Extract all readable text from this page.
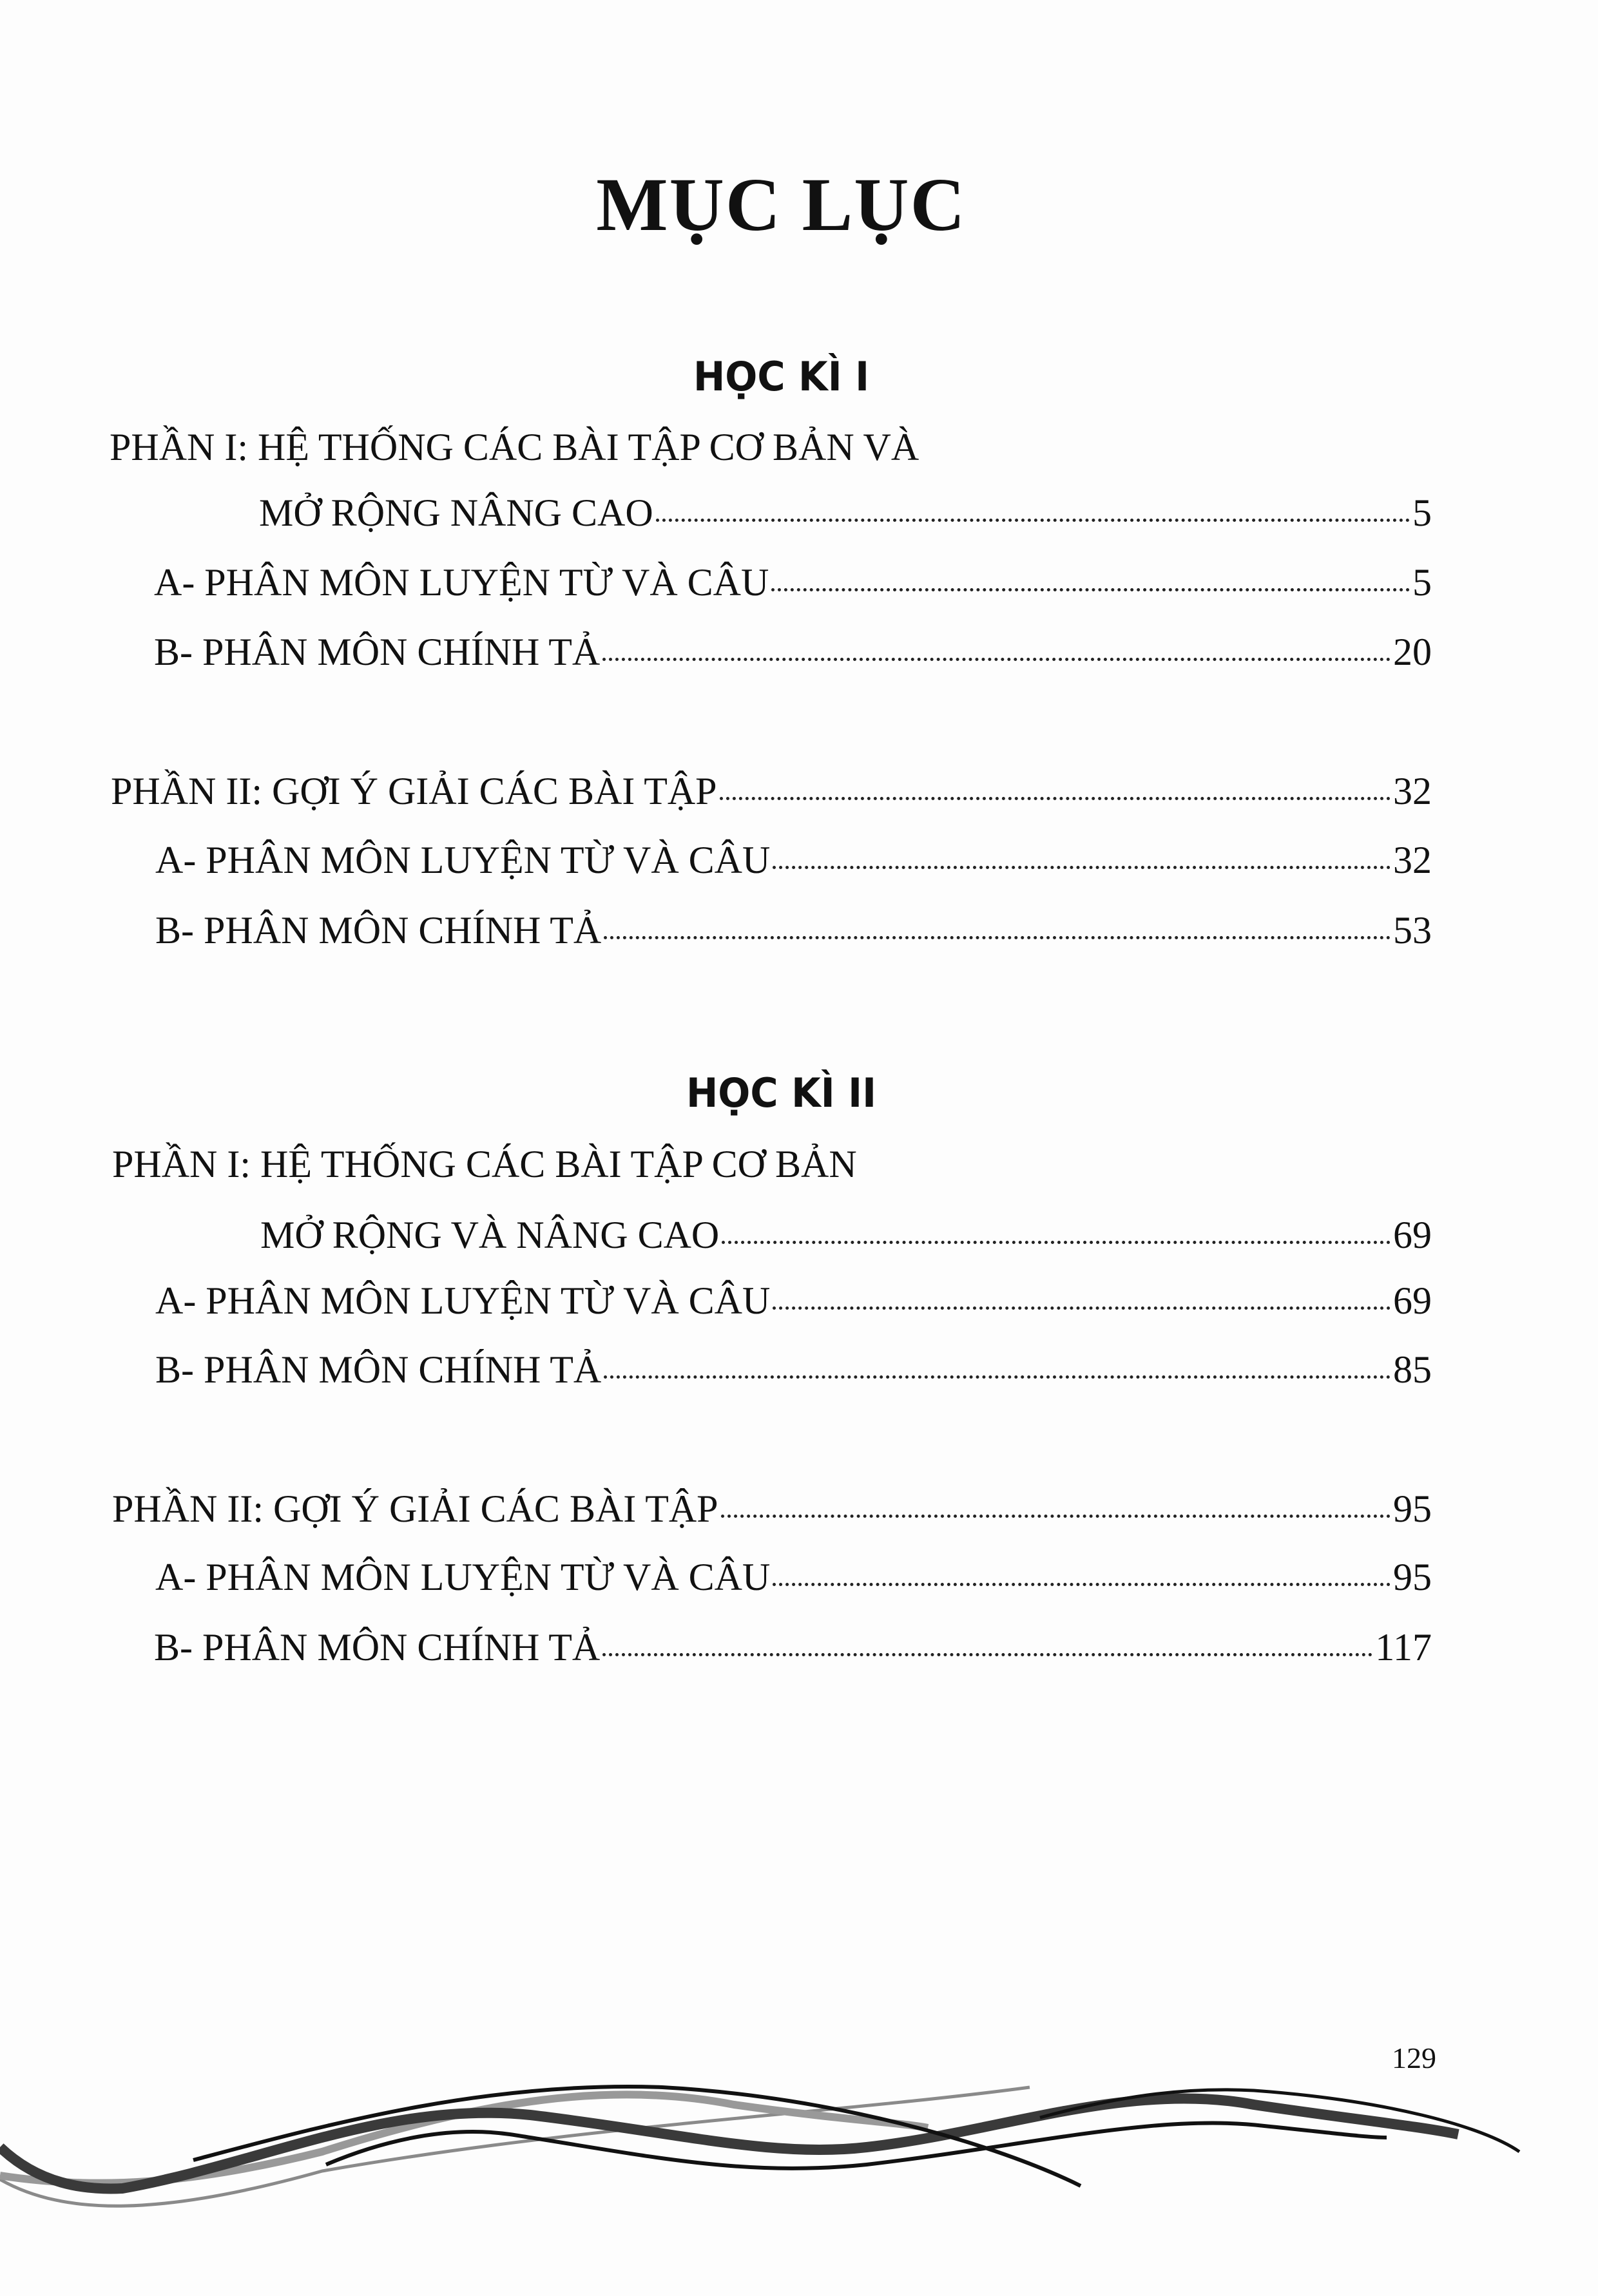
MỤC LỤC
HỌC KÌ I
PHẦN I: HỆ THỐNG CÁC BÀI TẬP CƠ BẢN VÀ
MỞ RỘNG NÂNG CAO	5
A- PHÂN MÔN LUYỆN TỪ VÀ CÂU	5
B- PHÂN MÔN CHÍNH TẢ	20
PHẦN II: GỢI Ý GIẢI CÁC BÀI TẬP	32
A- PHÂN MÔN LUYỆN TỪ VÀ CÂU	32
B- PHÂN MÔN CHÍNH TẢ	53
HỌC KÌ II
PHẦN I: HỆ THỐNG CÁC BÀI TẬP CƠ BẢN
MỞ RỘNG VÀ NÂNG CAO	69
A- PHÂN MÔN LUYỆN TỪ VÀ CÂU	69
B- PHÂN MÔN CHÍNH TẢ	85
PHẦN II: GỢI Ý GIẢI CÁC BÀI TẬP	95
A- PHÂN MÔN LUYỆN TỪ VÀ CÂU	95
B- PHÂN MÔN CHÍNH TẢ	117
129
